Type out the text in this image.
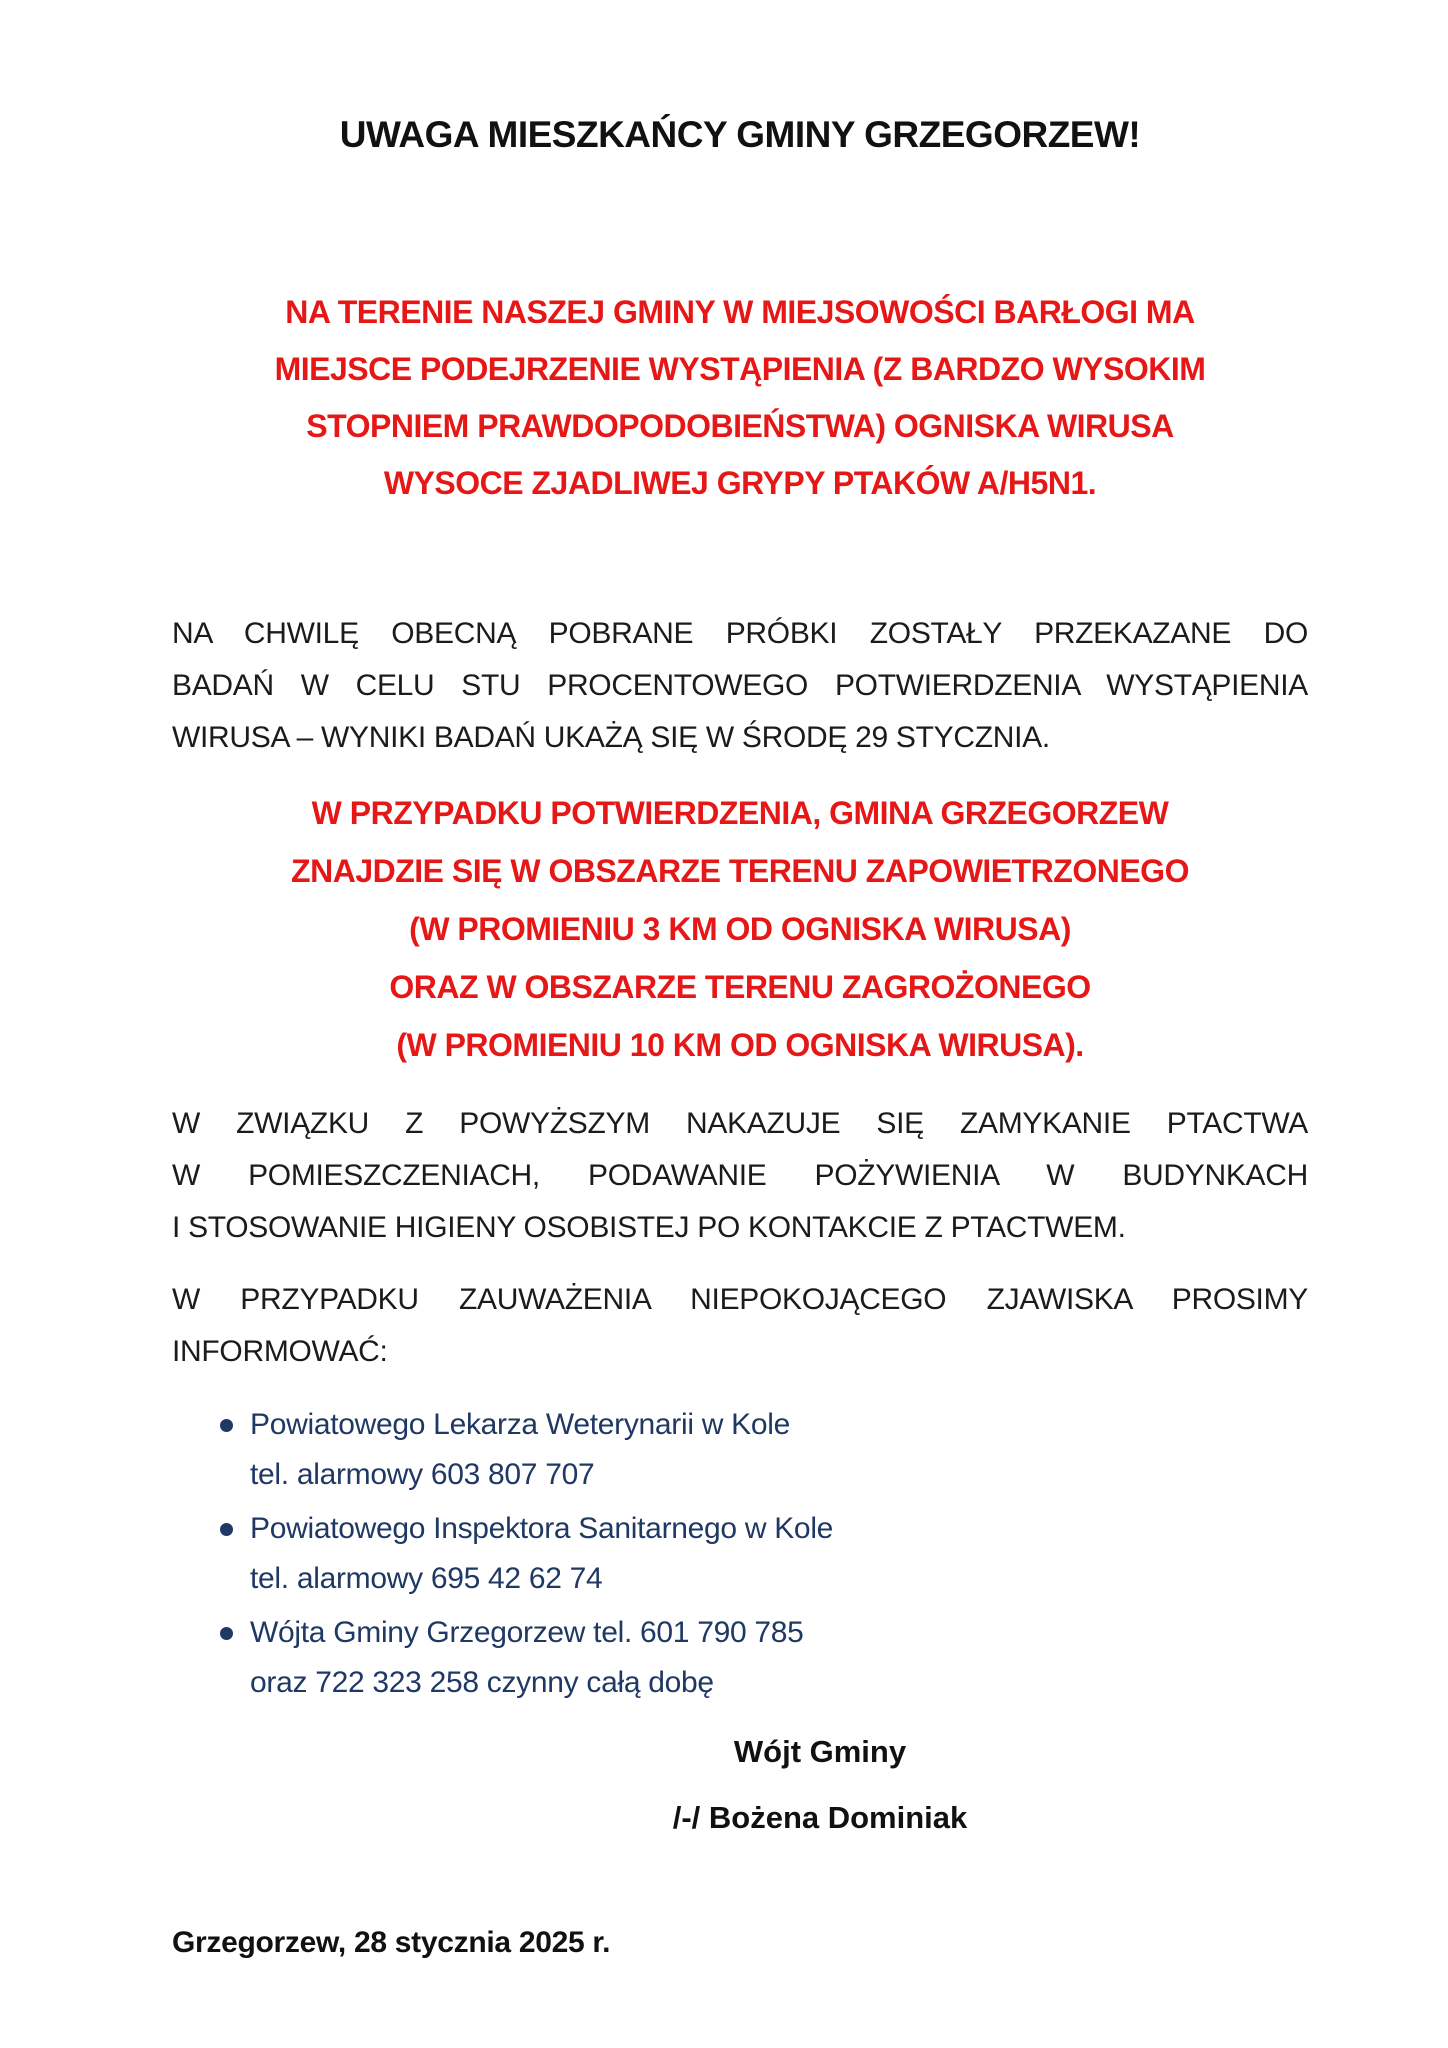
UWAGA MIESZKAŃCY GMINY GRZEGORZEW!
NA TERENIE NASZEJ GMINY W MIEJSOWOŚCI BARŁOGI MA
MIEJSCE PODEJRZENIE WYSTĄPIENIA (Z BARDZO WYSOKIM
STOPNIEM PRAWDOPODOBIEŃSTWA) OGNISKA WIRUSA
WYSOCE ZJADLIWEJ GRYPY PTAKÓW A/H5N1.
NA CHWILĘ OBECNĄ POBRANE PRÓBKI ZOSTAŁY PRZEKAZANE DO
BADAŃ W CELU STU PROCENTOWEGO POTWIERDZENIA WYSTĄPIENIA
WIRUSA – WYNIKI BADAŃ UKAŻĄ SIĘ W ŚRODĘ 29 STYCZNIA.
W PRZYPADKU POTWIERDZENIA, GMINA GRZEGORZEW
ZNAJDZIE SIĘ W OBSZARZE TERENU ZAPOWIETRZONEGO
(W PROMIENIU 3 KM OD OGNISKA WIRUSA)
ORAZ W OBSZARZE TERENU ZAGROŻONEGO
(W PROMIENIU 10 KM OD OGNISKA WIRUSA).
W ZWIĄZKU Z POWYŻSZYM NAKAZUJE SIĘ ZAMYKANIE PTACTWA
W POMIESZCZENIACH, PODAWANIE POŻYWIENIA W BUDYNKACH
I STOSOWANIE HIGIENY OSOBISTEJ PO KONTAKCIE Z PTACTWEM.
W PRZYPADKU ZAUWAŻENIA NIEPOKOJĄCEGO ZJAWISKA PROSIMY
INFORMOWAĆ:
Powiatowego Lekarza Weterynarii w Kole
tel. alarmowy 603 807 707
Powiatowego Inspektora Sanitarnego w Kole
tel. alarmowy 695 42 62 74
Wójta Gminy Grzegorzew tel. 601 790 785
oraz 722 323 258 czynny całą dobę
Wójt Gminy
/-/ Bożena Dominiak
Grzegorzew, 28 stycznia 2025 r.
